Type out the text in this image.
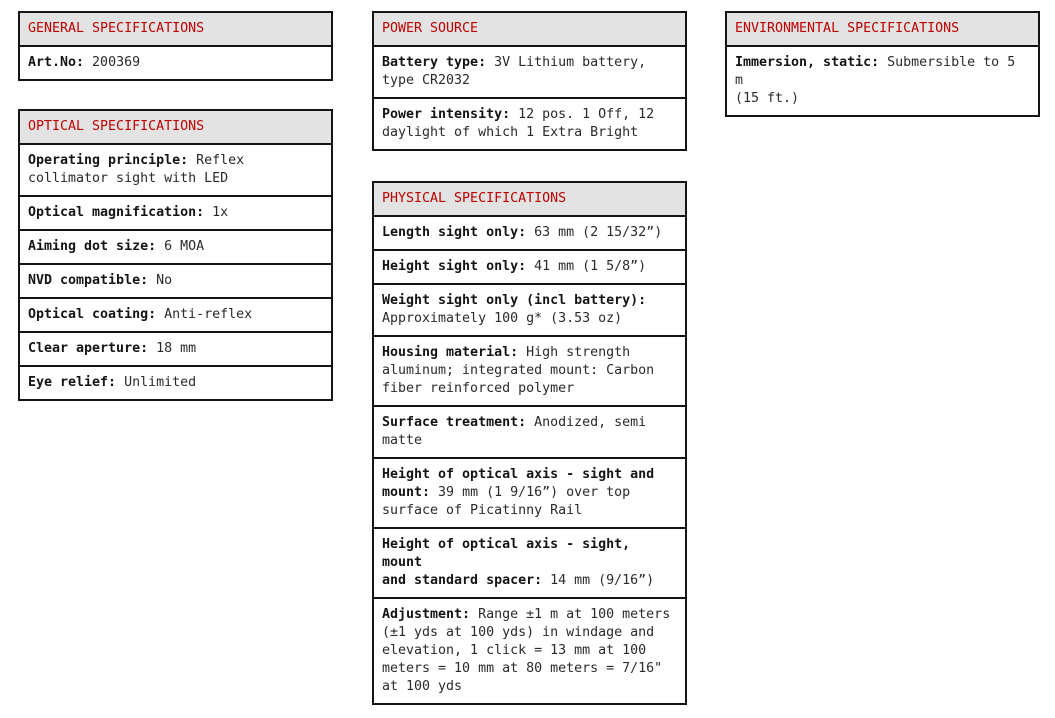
GENERAL SPECIFICATIONS
Art.No: 200369
OPTICAL SPECIFICATIONS
Operating principle: Reflex
collimator sight with LED
Optical magnification: 1x
Aiming dot size: 6 MOA
NVD compatible: No
Optical coating: Anti-reflex
Clear aperture: 18 mm
Eye relief: Unlimited
POWER SOURCE
Battery type: 3V Lithium battery,
type CR2032
Power intensity: 12 pos. 1 Off, 12
daylight of which 1 Extra Bright
PHYSICAL SPECIFICATIONS
Length sight only: 63 mm (2 15/32”)
Height sight only: 41 mm (1 5/8”)
Weight sight only (incl battery):
Approximately 100 g* (3.53 oz)
Housing material: High strength
aluminum; integrated mount: Carbon
fiber reinforced polymer
Surface treatment: Anodized, semi
matte
Height of optical axis - sight and
mount: 39 mm (1 9/16”) over top
surface of Picatinny Rail
Height of optical axis - sight, mount
and standard spacer: 14 mm (9/16”)
Adjustment: Range ±1 m at 100 meters
(±1 yds at 100 yds) in windage and
elevation, 1 click = 13 mm at 100
meters = 10 mm at 80 meters = 7/16"
at 100 yds
ENVIRONMENTAL SPECIFICATIONS
Immersion, static: Submersible to 5 m
(15 ft.)
